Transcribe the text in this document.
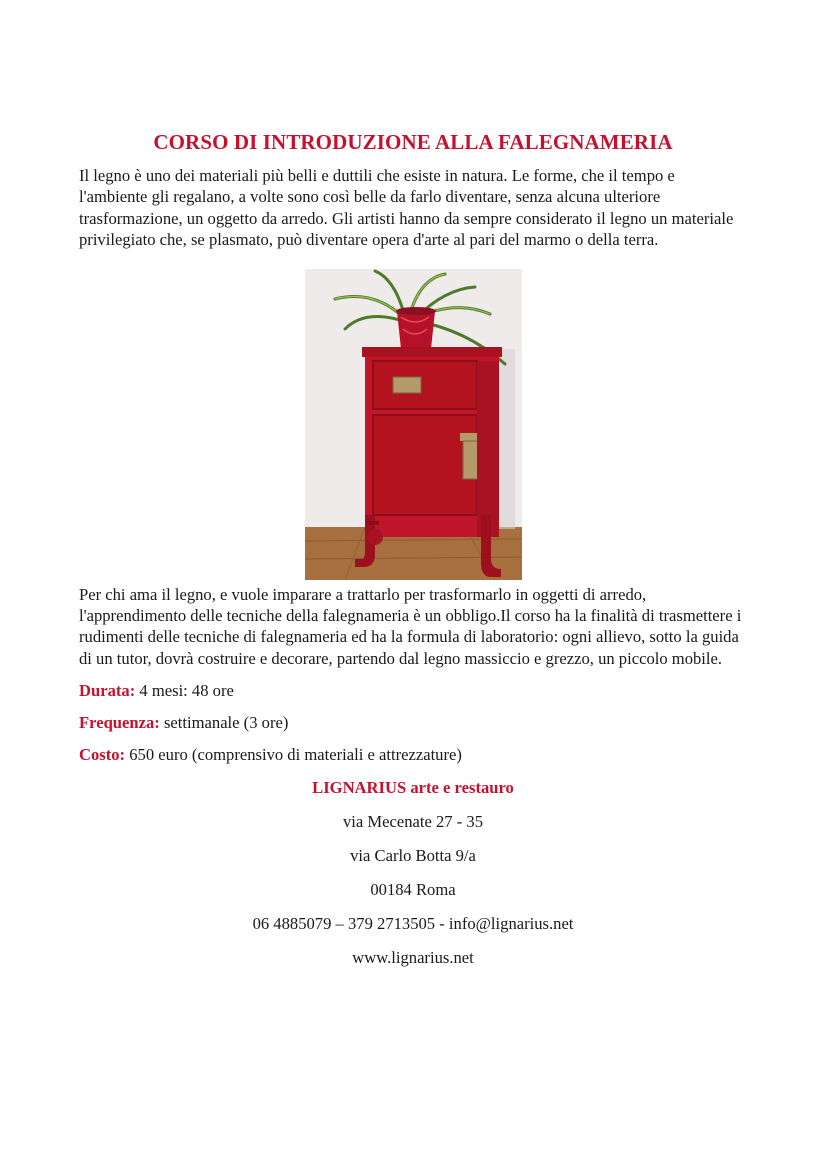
CORSO DI INTRODUZIONE ALLA FALEGNAMERIA

Il legno è uno dei materiali più belli e duttili che esiste in natura. Le forme, che il tempo e l'ambiente gli regalano, a volte sono così belle da farlo diventare, senza alcuna ulteriore trasformazione, un oggetto da arredo. Gli artisti hanno da sempre considerato il legno un materiale privilegiato che, se plasmato, può diventare opera d'arte al pari del marmo o della terra.

Per chi ama il legno, e vuole imparare a trattarlo per trasformarlo in oggetti di arredo, l'apprendimento delle tecniche della falegnameria è un obbligo.Il corso ha la finalità di trasmettere i rudimenti delle tecniche di falegnameria ed ha la formula di laboratorio: ogni allievo, sotto la guida di un tutor, dovrà costruire e decorare, partendo dal legno massiccio e grezzo, un piccolo mobile.

Durata: 4 mesi: 48 ore

Frequenza: settimanale (3 ore)

Costo: 650 euro (comprensivo di materiali e attrezzature)

LIGNARIUS arte e restauro

via Mecenate 27 - 35

via Carlo Botta 9/a

00184 Roma

06 4885079 – 379 2713505 - info@lignarius.net

www.lignarius.net
